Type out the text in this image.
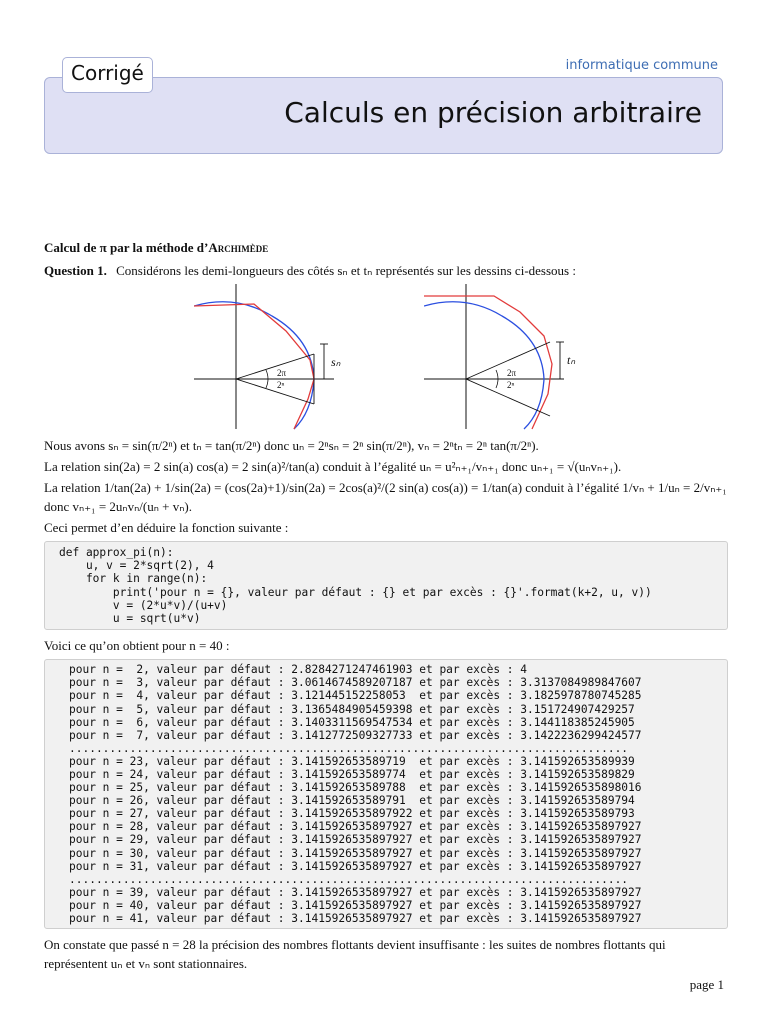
informatique commune
Corrigé
Calculs en précision arbitraire
Calcul de π par la méthode d’Archimède
Question 1. Considérons les demi-longueurs des côtés sₙ et tₙ représentés sur les dessins ci-dessous :
sₙ
2π
2ⁿ
tₙ
2π
2ⁿ
Nous avons sₙ = sin(π/2ⁿ) et tₙ = tan(π/2ⁿ) donc uₙ = 2ⁿsₙ = 2ⁿ sin(π/2ⁿ), vₙ = 2ⁿtₙ = 2ⁿ tan(π/2ⁿ).
La relation sin(2a) = 2 sin(a) cos(a) = 2 sin(a)²/tan(a) conduit à l’égalité uₙ = u²ₙ₊₁/vₙ₊₁ donc uₙ₊₁ = √(uₙvₙ₊₁).
La relation 1/tan(2a) + 1/sin(2a) = (cos(2a)+1)/sin(2a) = 2cos(a)²/(2 sin(a) cos(a)) = 1/tan(a) conduit à l’égalité 1/vₙ + 1/uₙ = 2/vₙ₊₁ donc vₙ₊₁ = 2uₙvₙ/(uₙ + vₙ).
Ceci permet d’en déduire la fonction suivante :
def approx_pi(n):
u, v = 2*sqrt(2), 4
for k in range(n):
print('pour n = {}, valeur par défaut : {} et par excès : {}'.format(k+2, u, v))
v = (2*u*v)/(u+v)
u = sqrt(u*v)
Voici ce qu’on obtient pour n = 40 :
pour n =  2, valeur par défaut : 2.8284271247461903 et par excès : 4
pour n =  3, valeur par défaut : 3.0614674589207187 et par excès : 3.3137084989847607
pour n =  4, valeur par défaut : 3.121445152258053  et par excès : 3.1825978780745285
pour n =  5, valeur par défaut : 3.1365484905459398 et par excès : 3.151724907429257
pour n =  6, valeur par défaut : 3.1403311569547534 et par excès : 3.144118385245905
pour n =  7, valeur par défaut : 3.1412772509327733 et par excès : 3.1422236299424577
...................................................................................
pour n = 23, valeur par défaut : 3.141592653589719  et par excès : 3.141592653589939
pour n = 24, valeur par défaut : 3.141592653589774  et par excès : 3.141592653589829
pour n = 25, valeur par défaut : 3.141592653589788  et par excès : 3.1415926535898016
pour n = 26, valeur par défaut : 3.141592653589791  et par excès : 3.141592653589794
pour n = 27, valeur par défaut : 3.1415926535897922 et par excès : 3.141592653589793
pour n = 28, valeur par défaut : 3.1415926535897927 et par excès : 3.1415926535897927
pour n = 29, valeur par défaut : 3.1415926535897927 et par excès : 3.1415926535897927
pour n = 30, valeur par défaut : 3.1415926535897927 et par excès : 3.1415926535897927
pour n = 31, valeur par défaut : 3.1415926535897927 et par excès : 3.1415926535897927
...................................................................................
pour n = 39, valeur par défaut : 3.1415926535897927 et par excès : 3.1415926535897927
pour n = 40, valeur par défaut : 3.1415926535897927 et par excès : 3.1415926535897927
pour n = 41, valeur par défaut : 3.1415926535897927 et par excès : 3.1415926535897927
On constate que passé n = 28 la précision des nombres flottants devient insuffisante : les suites de nombres flottants qui représentent uₙ et vₙ sont stationnaires.
page 1
